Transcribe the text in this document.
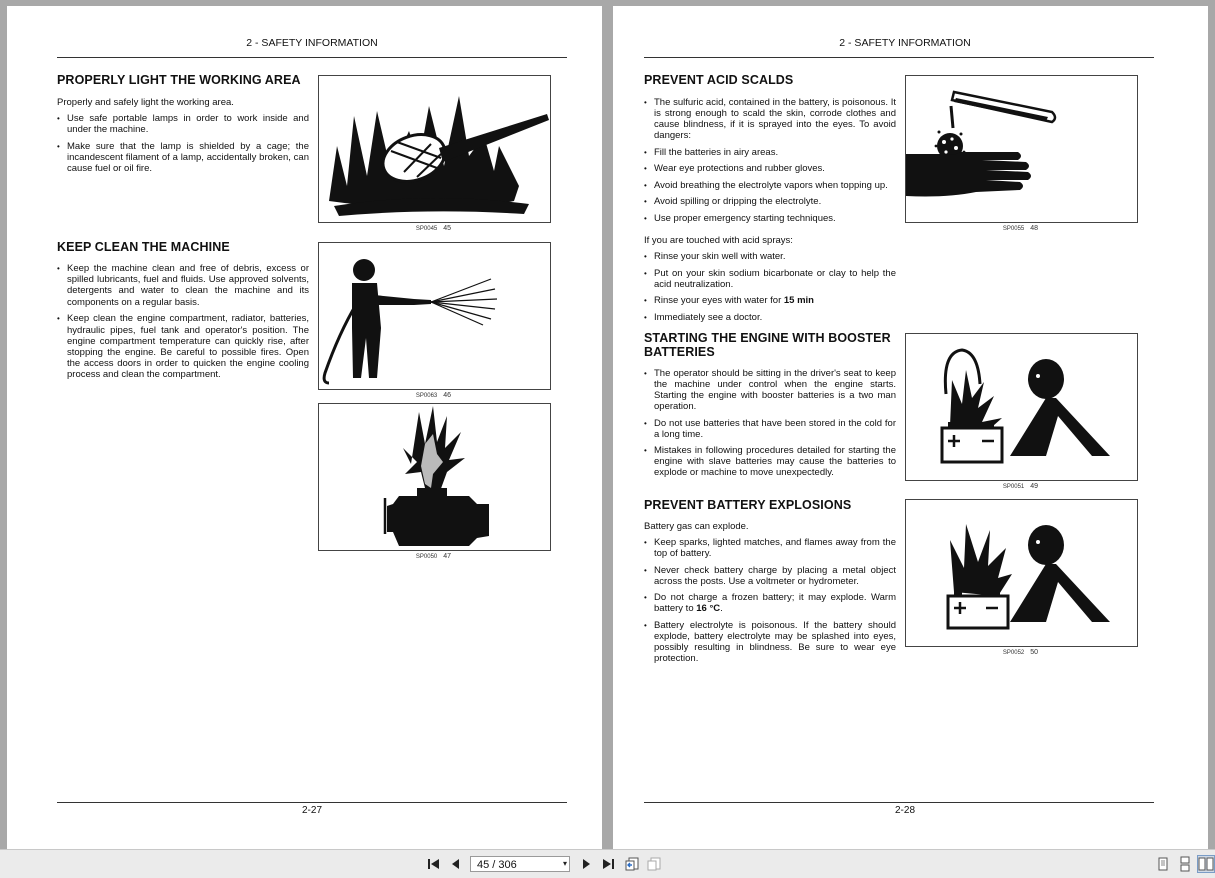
2 - SAFETY INFORMATION
PROPERLY LIGHT THE WORKING AREA

Properly and safely light the working area.

• Use safe portable lamps in order to work inside and under the machine.
• Make sure that the lamp is shielded by a cage; the incandescent filament of a lamp, accidentally broken, can cause fuel or oil fire.
KEEP CLEAN THE MACHINE
• Keep the machine clean and free of debris, excess or spilled lubricants, fuel and fluids. Use approved solvents, detergents and water to clean the machine and its components on a regular basis.
• Keep clean the engine compartment, radiator, batteries, hydraulic pipes, fuel tank and operator's position. The engine compartment temperature can quickly rise, after stopping the engine. Be careful to possible fires. Open the access doors in order to quicken the engine cooling process and clean the compartment.
SP0045 45
SP0063 46
SP0050 47
2-27
2 - SAFETY INFORMATION
PREVENT ACID SCALDS
• The sulfuric acid, contained in the battery, is poisonous. It is strong enough to scald the skin, corrode clothes and cause blindness, if it is sprayed into the eyes. To avoid dangers:
• Fill the batteries in airy areas.
• Wear eye protections and rubber gloves.
• Avoid breathing the electrolyte vapors when topping up.
• Avoid spilling or dripping the electrolyte.
• Use proper emergency starting techniques.

If you are touched with acid sprays:

• Rinse your skin well with water.
• Put on your skin sodium bicarbonate or clay to help the acid neutralization.
• Rinse your eyes with water for 15 min
• Immediately see a doctor.
STARTING THE ENGINE WITH BOOSTER BATTERIES
• The operator should be sitting in the driver's seat to keep the machine under control when the engine starts. Starting the engine with booster batteries is a two man operation.
• Do not use batteries that have been stored in the cold for a long time.
• Mistakes in following procedures detailed for starting the engine with slave batteries may cause the batteries to explode or machine to move unexpectedly.
PREVENT BATTERY EXPLOSIONS

Battery gas can explode.

• Keep sparks, lighted matches, and flames away from the top of battery.
• Never check battery charge by placing a metal object across the posts. Use a voltmeter or hydrometer.
• Do not charge a frozen battery; it may explode. Warm battery to 16 °C.
• Battery electrolyte is poisonous. If the battery should explode, battery electrolyte may be splashed into eyes, possibly resulting in blindness. Be sure to wear eye protection.
SP0055 48
SP0051 49
SP0052 50
2-28
45 / 306	▾
